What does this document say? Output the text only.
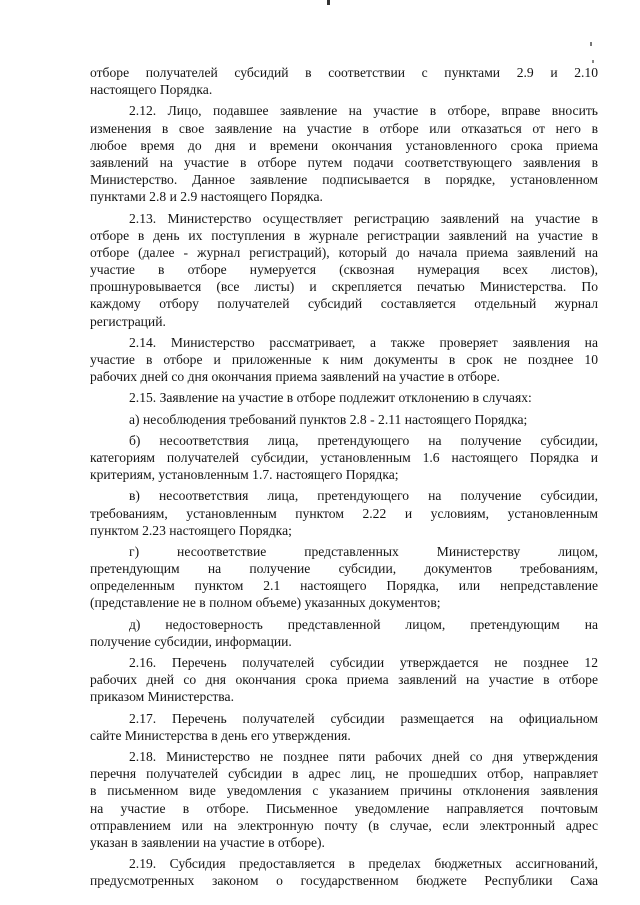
отборе получателей субсидий в соответствии с пунктами 2.9 и 2.10
настоящего Порядка.
2.12. Лицо, подавшее заявление на участие в отборе, вправе вносить
изменения в свое заявление на участие в отборе или отказаться от него в
любое время до дня и времени окончания установленного срока приема
заявлений на участие в отборе путем подачи соответствующего заявления в
Министерство. Данное заявление подписывается в порядке, установленном
пунктами 2.8 и 2.9 настоящего Порядка.
2.13. Министерство осуществляет регистрацию заявлений на участие в
отборе в день их поступления в журнале регистрации заявлений на участие в
отборе (далее - журнал регистраций), который до начала приема заявлений на
участие в отборе нумеруется (сквозная нумерация всех листов),
прошнуровывается (все листы) и скрепляется печатью Министерства. По
каждому отбору получателей субсидий составляется отдельный журнал
регистраций.
2.14. Министерство рассматривает, а также проверяет заявления на
участие в отборе и приложенные к ним документы в срок не позднее 10
рабочих дней со дня окончания приема заявлений на участие в отборе.
2.15. Заявление на участие в отборе подлежит отклонению в случаях:
а) несоблюдения требований пунктов 2.8 - 2.11 настоящего Порядка;
б) несоответствия лица, претендующего на получение субсидии,
категориям получателей субсидии, установленным 1.6 настоящего Порядка и
критериям, установленным 1.7. настоящего Порядка;
в) несоответствия лица, претендующего на получение субсидии,
требованиям, установленным пунктом 2.22 и условиям, установленным
пунктом 2.23 настоящего Порядка;
г) несоответствие представленных Министерству лицом,
претендующим на получение субсидии, документов требованиям,
определенным пунктом 2.1 настоящего Порядка, или непредставление
(представление не в полном объеме) указанных документов;
д) недостоверность представленной лицом, претендующим на
получение субсидии, информации.
2.16. Перечень получателей субсидии утверждается не позднее 12
рабочих дней со дня окончания срока приема заявлений на участие в отборе
приказом Министерства.
2.17. Перечень получателей субсидии размещается на официальном
сайте Министерства в день его утверждения.
2.18. Министерство не позднее пяти рабочих дней со дня утверждения
перечня получателей субсидии в адрес лиц, не прошедших отбор, направляет
в письменном виде уведомления с указанием причины отклонения заявления
на участие в отборе. Письменное уведомление направляется почтовым
отправлением или на электронную почту (в случае, если электронный адрес
указан в заявлении на участие в отборе).
2.19. Субсидия предоставляется в пределах бюджетных ассигнований,
предусмотренных законом о государственном бюджете Республики Саха
